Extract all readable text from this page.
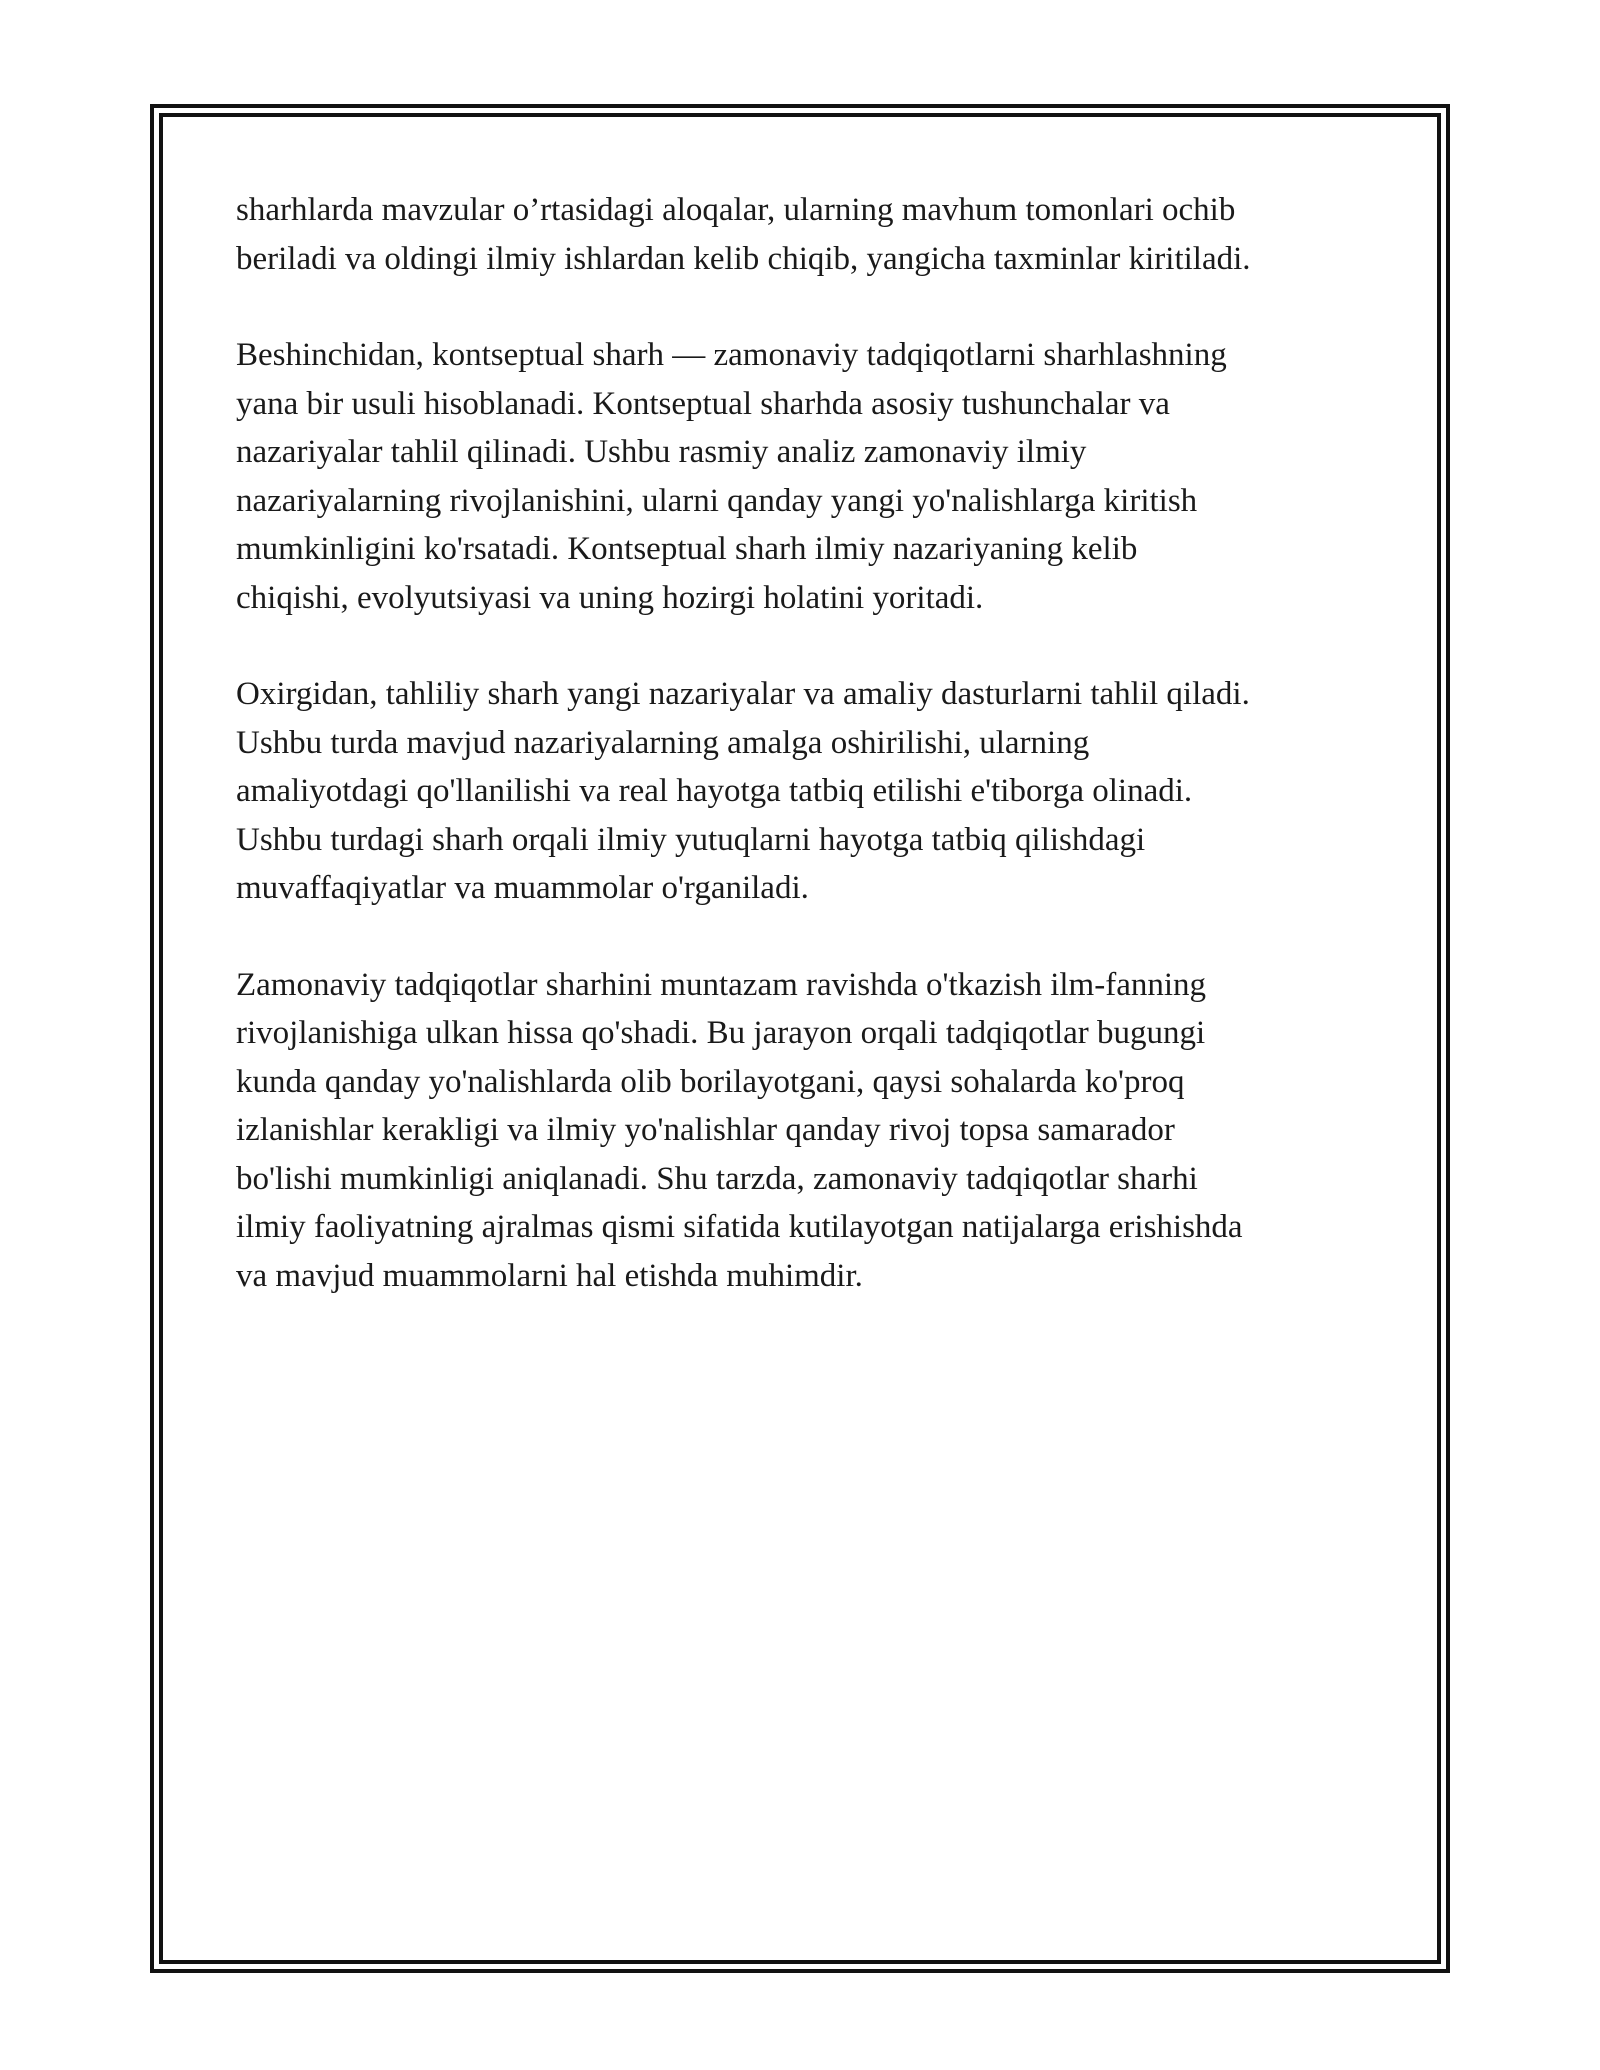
sharhlarda mavzular o’rtasidagi aloqalar, ularning mavhum tomonlari ochib
beriladi va oldingi ilmiy ishlardan kelib chiqib, yangicha taxminlar kiritiladi.

Beshinchidan, kontseptual sharh — zamonaviy tadqiqotlarni sharhlashning
yana bir usuli hisoblanadi. Kontseptual sharhda asosiy tushunchalar va
nazariyalar tahlil qilinadi. Ushbu rasmiy analiz zamonaviy ilmiy
nazariyalarning rivojlanishini, ularni qanday yangi yo'nalishlarga kiritish
mumkinligini ko'rsatadi. Kontseptual sharh ilmiy nazariyaning kelib
chiqishi, evolyutsiyasi va uning hozirgi holatini yoritadi.

Oxirgidan, tahliliy sharh yangi nazariyalar va amaliy dasturlarni tahlil qiladi.
Ushbu turda mavjud nazariyalarning amalga oshirilishi, ularning
amaliyotdagi qo'llanilishi va real hayotga tatbiq etilishi e'tiborga olinadi.
Ushbu turdagi sharh orqali ilmiy yutuqlarni hayotga tatbiq qilishdagi
muvaffaqiyatlar va muammolar o'rganiladi.

Zamonaviy tadqiqotlar sharhini muntazam ravishda o'tkazish ilm-fanning
rivojlanishiga ulkan hissa qo'shadi. Bu jarayon orqali tadqiqotlar bugungi
kunda qanday yo'nalishlarda olib borilayotgani, qaysi sohalarda ko'proq
izlanishlar kerakligi va ilmiy yo'nalishlar qanday rivoj topsa samarador
bo'lishi mumkinligi aniqlanadi. Shu tarzda, zamonaviy tadqiqotlar sharhi
ilmiy faoliyatning ajralmas qismi sifatida kutilayotgan natijalarga erishishda
va mavjud muammolarni hal etishda muhimdir.
